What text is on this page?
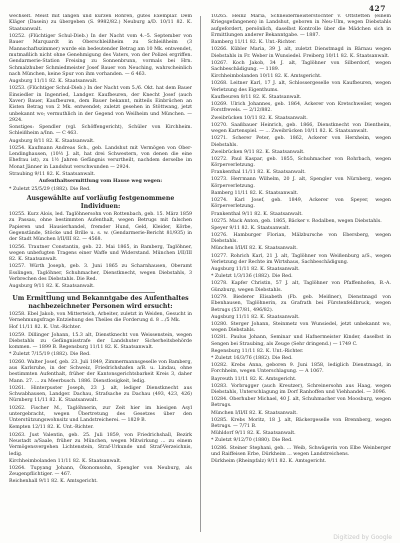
427

wechselt. Meist mit langen und kurzen Röhren, gutes Exemplar. Dem Kläger (Dasein) zu übergeben (S. 9982/82.) Neuburg a/D. 10/11 82. K. Staatsanwalt.

10252. (Flüchtiger Schul-Dieb.) In der Nacht vom 4.–5. September von Bauer Marquardt in Oberschleißheim zu Schleißheim (3 Mannschaftszimmer) wurde ein bedeutender Betrag am 10 Mk. entwendet, mutmaßlich nicht ohne Genehmigung des Vaters, von der Polizei ergriffen. Gendarmerie-Station Freising zu Sonnenbrunn, vormals bei Hrn. Schmalzhuber Schmiedmeister Josef Bauer von Neuching, wahrscheinlich nach München, keine Spur von ihm vorhanden. — 6 463.

Augsburg 11/11 82. K. Staatsanwalt.

10253. (Flüchtiger Schul-Dieb.) In der Nacht vom 5./6. Okt. hat dem Bauer Einsiedler in Ingenried, Landger. Kaufbeuren, der Knecht Josef (auch Xaver) Bauer, Kaufbeuren, dem Bauer bekannt, mitteils Einbrüchen an Kisten Betrag von 2 Mk. entwendet; zuletzt gesehen in Stöttwang, jetzt unbekannt wo; vermuthlich in der Gegend von Weilheim und München. — 2924.

Sonstiges: Spendler (vgl. Schöffengericht), Schüler von Kirchheim. Schleißheim a/Inn. — C 463.

Augsburg 8/11 82. K. Staatsanwalt.

10254. Kaufmann Andreas Sch., geb. Landshut mit Vermögen von Ober-Lendinghausen, (10½ J. alt, hat drei Schwestern, von denen die eine Ehefrau ist), zu 1½ Jahren Gefängnis verurtheilt, nachdem derselbe im Monat Jänner in Landshut verschwunden — 2924.

Straubing 9/11 82. K. Staatsanwalt.

Aufenthaltsermittlung vom Hause weg wegen:

* Zuletzt 25/5/29 (1882). Die Red.

Ausgewählte auf vorläufig festgenommene Individuen:

10255. Kurz Alois, led. Taglöhnersohn von Rottenbach, geb. 15. März 1859 zu Passau, ohne bestimmten Aufenthalt, wegen Betrugs mit falschen Papieren und Hausierhandel, fremder Hund, Geld, Kleider, Körbe, Gegenstände, Stöcke und Brille u. s. w. (Gendarmerie-Bericht 81/935) in der Stadt München I/II/III 82. — 4568.

10256. Trautner Constantin, geb. 22. Mai 1865, in Bamberg, Taglöhner, wegen unbefugten Tragens einer Waffe und Widerstand. München I/II/III 82. K. Staatsanwalt.

10257. Würth Joseph, geb. 3. Juni 1865 zu Scharnhausen, Oberamt Esslingen, Taglöhner, Schuhmacher, Dienstknecht, wegen Diebstahls, 3 Verbrechen des Diebstahls. Die Red.

Augsburg 9/11 82. K. Staatsanwalt.

Um Ermittlung und Bekanntgabe des Aufenthaltes nachbezeichneter Personen wird ersucht:

10258. Ebel Jakob, von Mitterteich, Arbeiter, zuletzt in Weiden, Gesucht in Vernehmungsfrage Entziehung des Theiles die Forderung d. 8 .../5 Mk.

Hof 11/11 82. K. Unt.-Richter.

10259. Dillinger Johann, 15.3 alt, Dienstknecht von Weissenstein, wegen Diebstahls zu Gefängnisstrafe der Landshuter Sicherheitsbehörde kommen. — 1899 B. Regensburg 11/11 82. K. Staatsanwalt.

* Zuletzt 7/15/19 (1882). Die Red.

10260. Walter Josef, geb. 23. Juli 1849, Zimmermannsgeselle von Bamberg, aus Karlsruhe, in der Schweiz, Friedrichshafen a/B. u. Lindau, ohne bestimmten Aufenthalt, früher der Kantonsgerichtsbarkeit Kreis 3, daher Mann. 27. ... zu Meerbusch. 1886. Dienstlosigkeit, ledig.

10261. Hinterpuster Joseph, 23 J. alt, lediger Dienstknecht aus Schwabhausen, Landger. Dachau, Strafsache zu Dachau (493, 423, 426) Nürnberg 11/11 82. K. Staatsanwalt.

10262. Fischer M., Taglöhnerin, zur Zeit hier im hiesigen Asyl untergebracht, wegen Übertretung des Gesetzes über den Unterstützungswohnsitz und Landstreicherei. — 1829 B.

Kempten 12/11 82. K. Unt.-Richter.

10263. Just Valentin, geb. 25. Juli 1859, von Friedrichshall, Bezirk Neustadt a/Saale, früher zu München, wegen Mitwirkung ... zu einem Vermögensvergehen Lichtenstein, Straf-Urkunde und Straf-Verzeichnis, ledig.

Kirchheimbolanden 11/11 82. K. Staatsanwalt.

10264. Tupyang Johann, Ökonomsohn, Spengler von Neuburg, als Zeugenpflichtiger. — 467.

Reichenhall 9/11 82. K. Amtsgericht.

10265. Heinz Maria, Schneidermeisterstochter v. Ottstetten (einem Kriegsgefangenen) in Landshut, geboren in Neu-Ulm, wegen Diebstahls aufgefordert, persönlich, daselbst Kontrolle über die Mädchen sich in Ermittlungen anderer Bekanntgabe. — 1887.

Bamberg 11/11 82. K. Unt.-Richter.

10266. Kübler Maria, 39 J. alt, zuletzt Dienstmagd in Bärnau wegen Diebstahls in Fr. Weber in Wunsiedel. Freiberg 10/11 82. K. Staatsanwalt.

10267. Koch Jakob, 34 J. alt, Taglöhner von Silberdorf, wegen Sachbeschädigung. — 1189.

Kirchheimbolanden 10/11 82. K. Amtsgericht.

10268. Leitner Karl, 17 J. alt, Schlossergeselle von Kaufbeuren, wegen Verletzung des Eigenthums.

Kaufbeuren 8/11 82. K. Staatsanwalt.

10269. Ulrich Johannes, geb. 1864, Ackerer von Kretschweiler, wegen Forstfrevels. — 2/12/882.

Zweibrücken 10/11 82. K. Staatsanwalt.

10270. Saaßbauer Heinrich, geb. 1866, Dienstknecht von Dientheim, wegen Kartenspiel. — ... Zweibrücken 10/11 82. K. Staatsanwalt.

10271. Scherer Peter, geb. 1862, Ackerer von Herxheim, wegen Diebstahls.

Zweibrücken 9/11 82. K. Staatsanwalt.

10272. Paul Kaspar, geb. 1855, Schuhmacher von Rohrbach, wegen Körperverletzung.

Frankenthal 11/11 82. K. Staatsanwalt.

10273. Herrmann Wilhelm, 20 J. alt, Spengler von Nürnberg, wegen Körperverletzung.

Bamberg 11/11 82. K. Staatsanwalt.

10274. Karl Josef, geb. 1849, Ackerer von Speyer, wegen Körperverletzung.

Frankenthal 9/11 82. K. Staatsanwalt.

10275. Mack Anton, geb. 1865, Bäcker v. Rodalben, wegen Diebstahls.

Speyer 9/11 82. K. Staatsanwalt.

10276. Hamburger Florian, Mälzbursche von Ebersberg, wegen Diebstahls.

München I/II/II 82. K. Staatsanwalt.

10277. Rohrich Karl, 21 J. alt, Taglöhner von Weißenburg a/S., wegen Verletzung der Rechte im Wirtshaus, Sachbeschädigung.

Augsburg 11/11 82. K. Staatsanwalt.

* Zuletzt 1/3/136 (1882). Die Red.

10278. Kapfer Christin, 57 J. alt, Taglöhner von Pfaffenhofen, B.-A. Günzburg, wegen Diebstahls.

10279. Biederer Elisabeth (Fb. geb. Meißner), Dienstmagd von Ebenhausen, Taglöhnerin, zu Grafrath bei Fürstenfeldbruck, wegen Betrugs (537/81, 496/82).

Augsburg 11/11 82. K. Staatsanwalt.

10280. Sterger Johann, Steinmetz von Wunsiedel, jetzt unbekannt wo, wegen Diebstahls.

10281. Paulus Johann, Seminar und Hafnermeister Kinder, daselbst in Sengen bei Straubing, als Zeuge (Sehr dringend.) — 1749 C.

Regensburg 11/11 82. K. Unt.-Richter.

* Zuletzt 16/3/76 (1882). Die Red.

10282. Krebs Anna, geboren 9. Juni 1858, lediglich Dienstmagd, in Forchheim, wegen Unterschlagung. — A 1067.

Bayreuth 11/11 82. K. Amtsgericht.

10283. Vorbrugger (auch Kreutzer), Schreinersohn aus Haag, wegen Diebstahls, Unterschlagung im Dorf Ranhoffen und Viehhandel. — 3096.

10284. Oberhuber Michael, 40 J. alt, Schuhmacher von Moosburg, wegen Betrugs.

München I/II/II 82. K. Staatsanwalt.

10285. Krebs Moritz, 18 J. alt, Bäckergeselle von Brennberg, wegen Betrugs. — 7/71 B.

Mühldorf 9/11 82. K. Staatsanwalt.

* Zuletzt 9/12/70 (1880). Die Red.

10286. Steiner Stephani, geb. ... Weib, Schwägerin von Elbe Weinberger und Raiffeisen Erbe, Dürkheim ... wegen Landstreichens.

Dürkheim (Rheinpfalz) 9/11 82. K. Amtsgericht.

Digitized by Google
